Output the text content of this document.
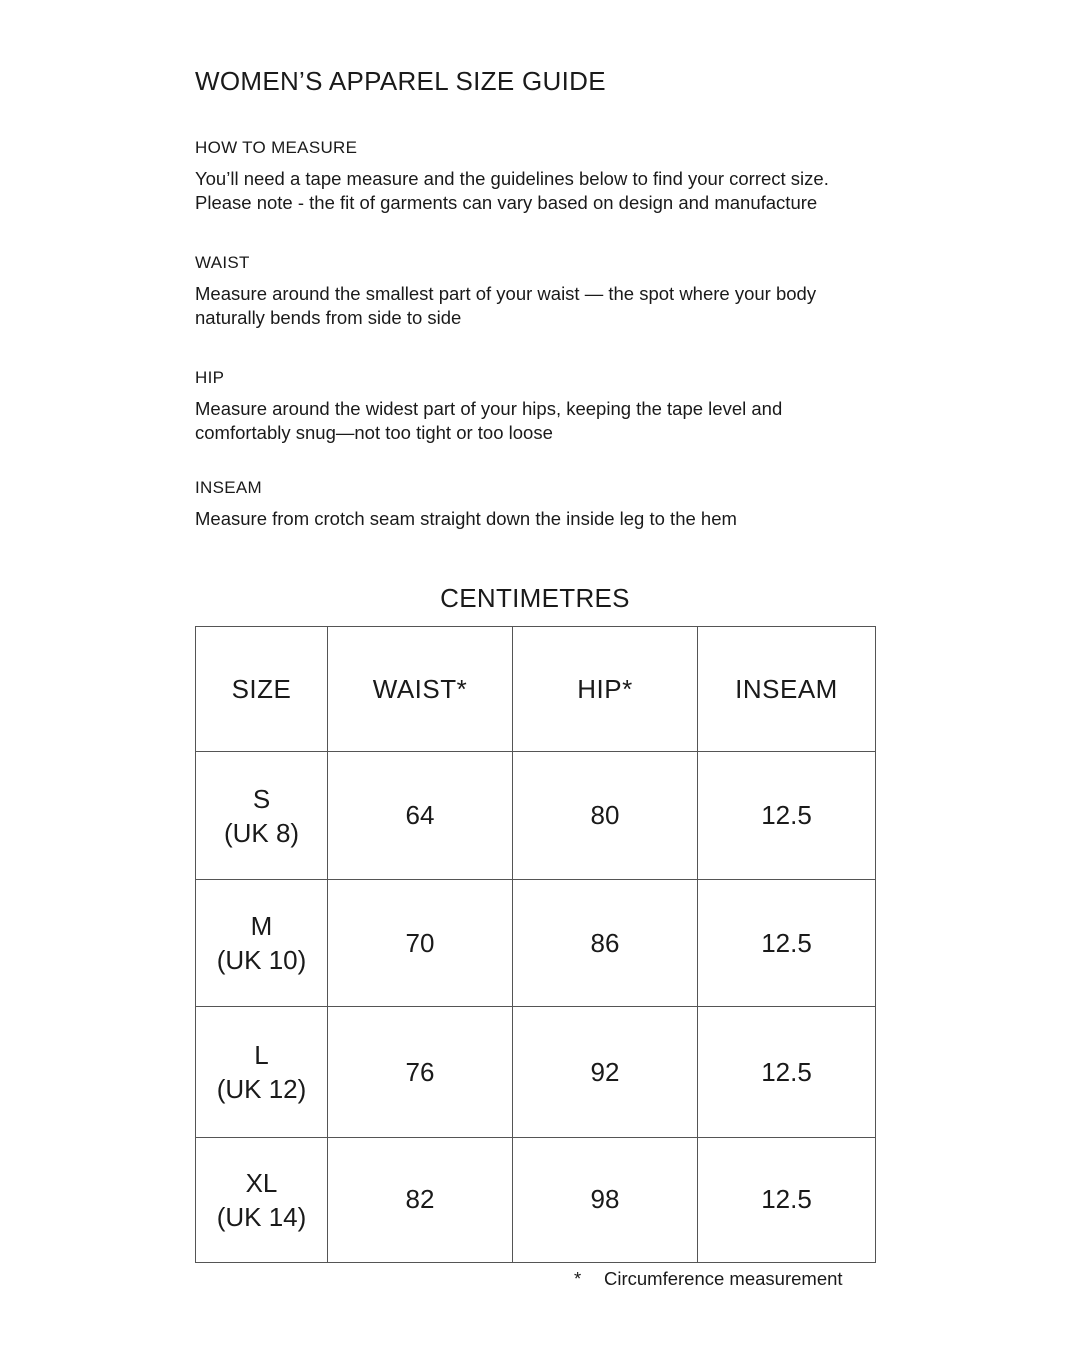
WOMEN’S APPAREL SIZE GUIDE
HOW TO MEASURE

You’ll need a tape measure and the guidelines below to find your correct size.
Please note - the fit of garments can vary based on design and manufacture

WAIST

Measure around the smallest part of your waist — the spot where your body
naturally bends from side to side

HIP

Measure around the widest part of your hips, keeping the tape level and
comfortably snug—not too tight or too loose

INSEAM

Measure from crotch seam straight down the inside leg to the hem

CENTIMETRES
SIZE	WAIST*	HIP*	INSEAM

S
(UK 8)	64	80	12.5

M
(UK 10)	70	86	12.5

L
(UK 12)	76	92	12.5

XL
(UK 14)	82	98	12.5
* Circumference measurement
